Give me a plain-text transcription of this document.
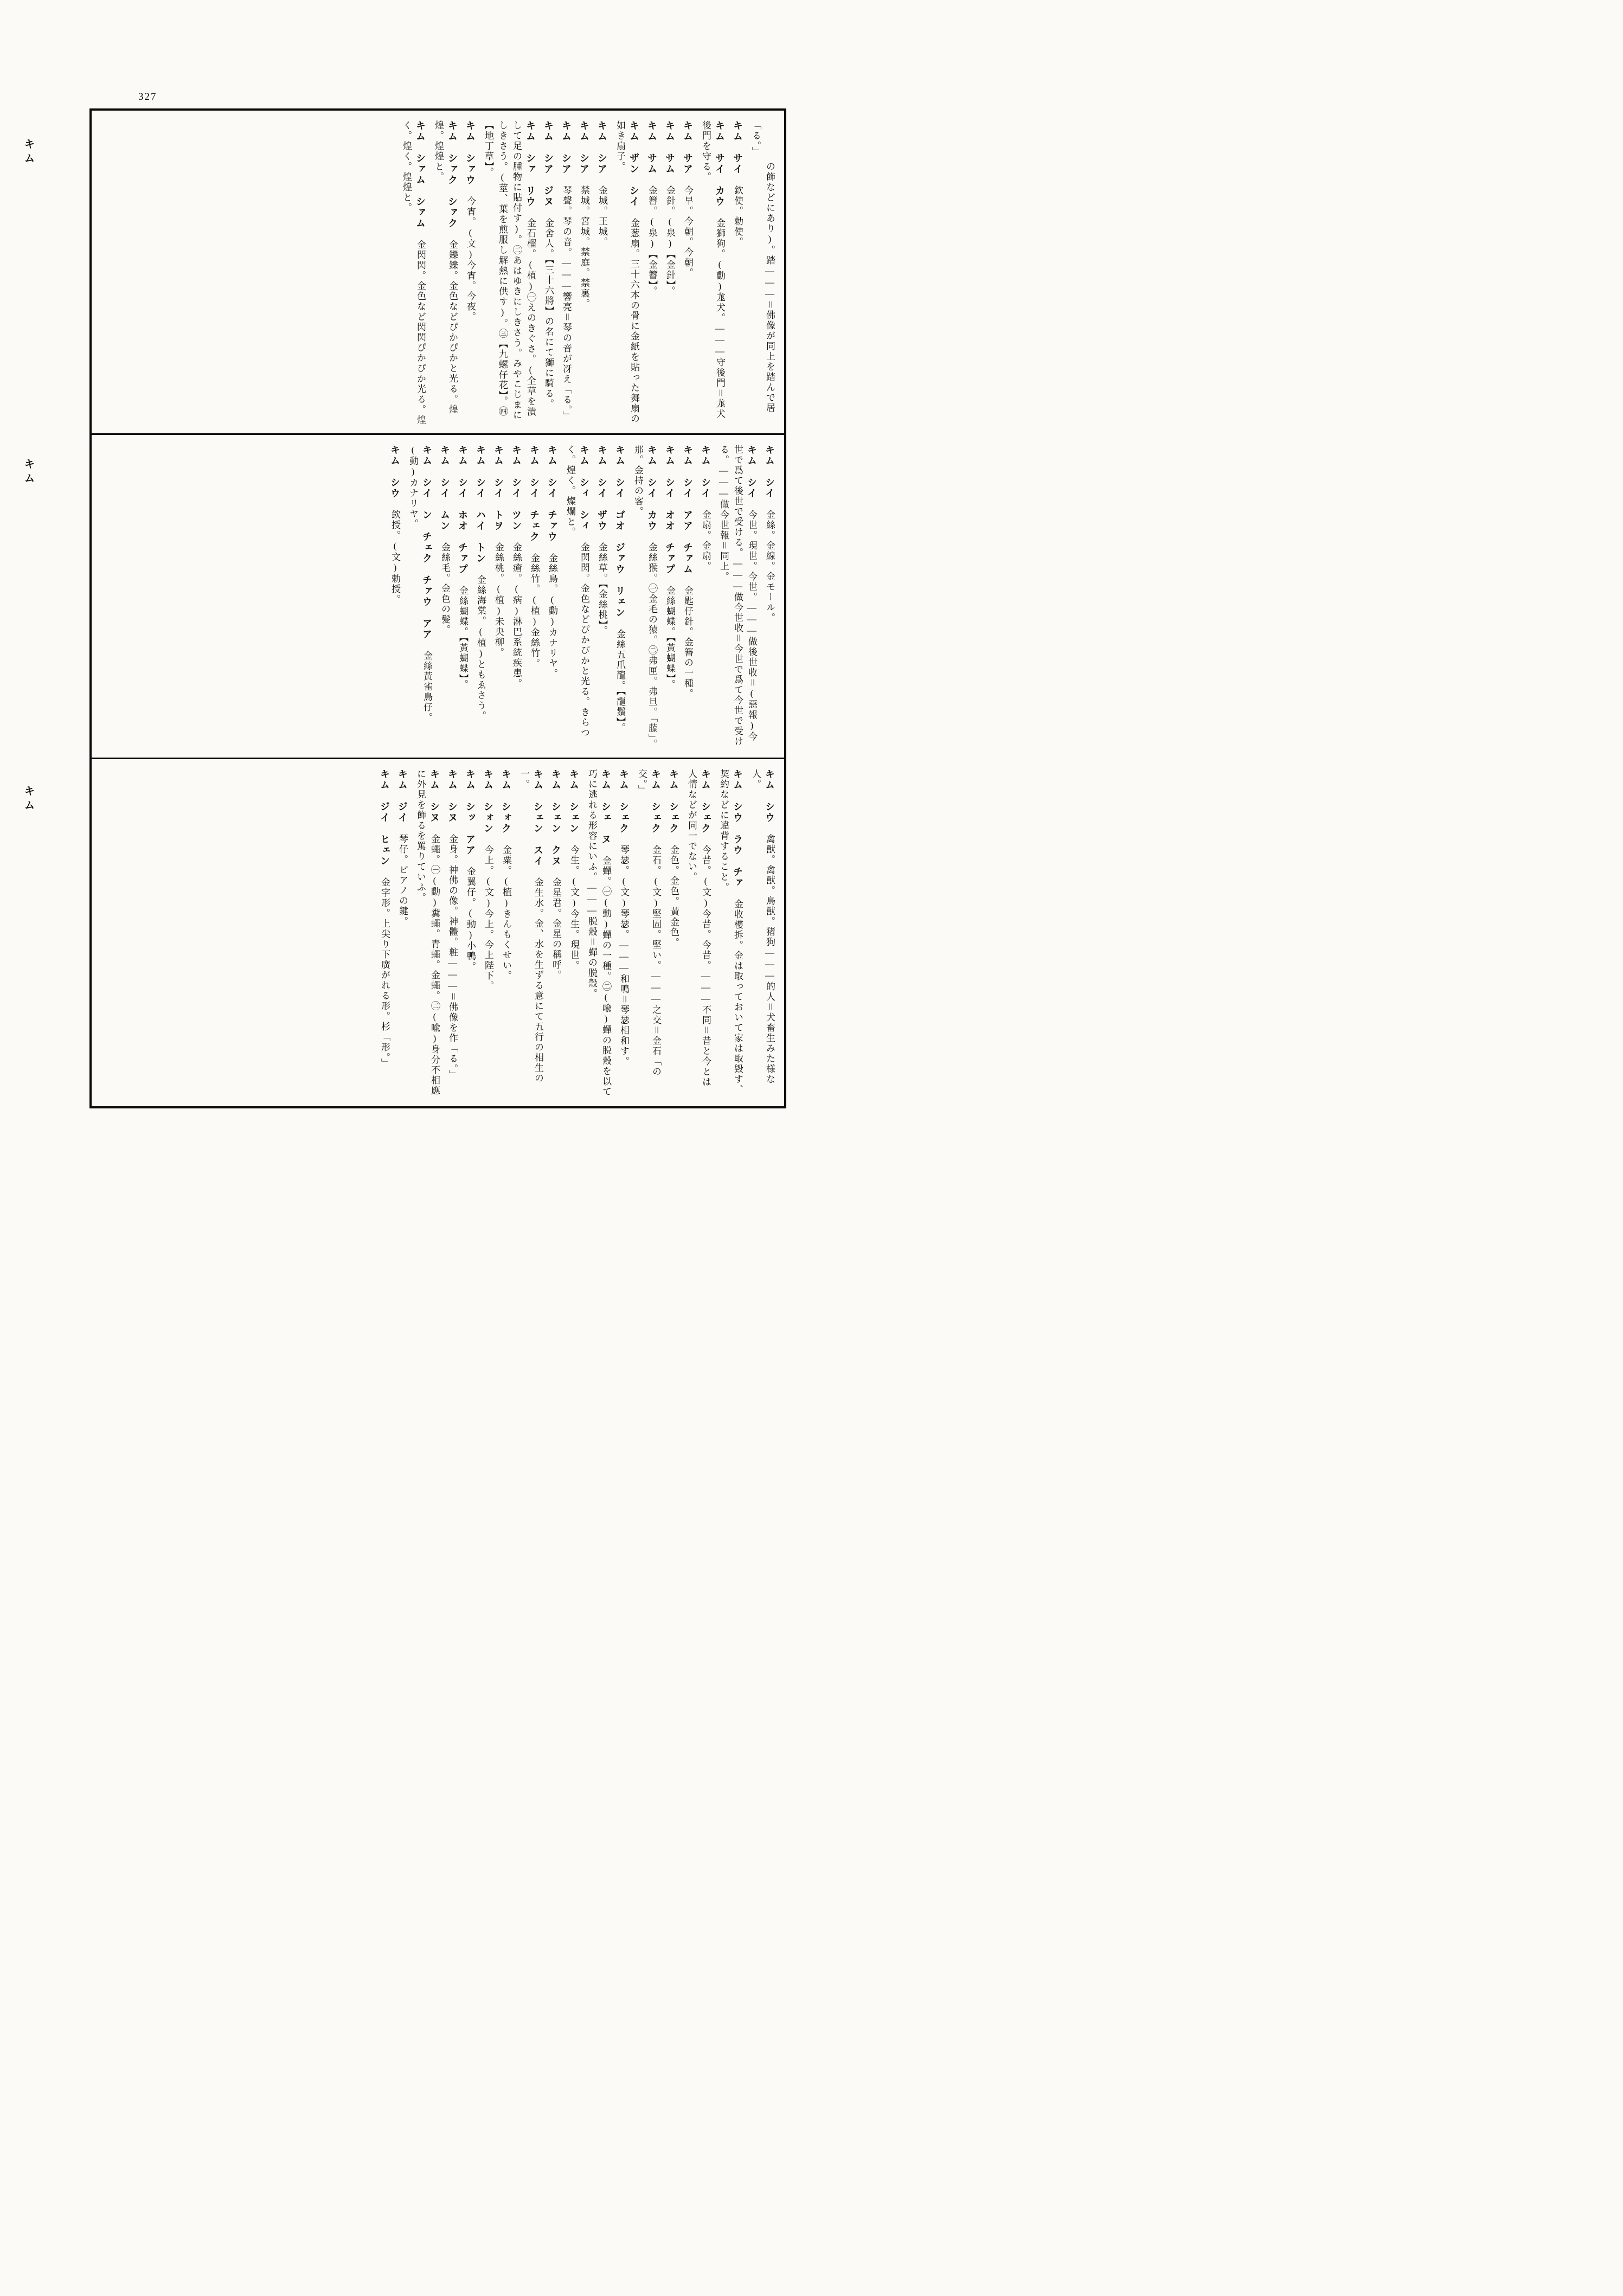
327
キム
キム
キム
　　　　の飾などにあり)。踏———＝佛像が同上を踏んで居「る。」
キム　サイ　欽使。勅使。
キム　サイ　カウ　金獅狗。(動)尨犬。———守後門＝尨犬後門を守る。
キム　サア　今早。今朝。今朝。
キム　サム　金針。(泉)【金針】。
キム　サム　金簪。(泉)【金簪】。
キム　ザン　シイ　金葱扇。三十六本の骨に金紙を貼った舞扇の如き扇子。
キム　シア　金城。王城。
キム　シア　禁城。宮城。禁庭。禁裏。
キム　シア　琴聲。琴の音。———響亮＝琴の音が冴え「る。」
キム　シア　ジヌ　金舍人。【三十六將】の名にて獅に騎る。
キム　シァ　リウ　金石榴。(植)㊀えのきぐさ。(全草を潰して足の腫物に貼付す)。㊁あはゆきにしきさう。みやこじまにしきさう。(莖、葉を煎服し解熱に供す)。㊂【九螺仔花】。㊃【地丁草】。
キム　シァウ　今宵。(文)今宵。今夜。
キム　シァク　シァク　金鑠鑠。金色などぴかぴかと光る。煌煌。煌煌と。
キム　シァム　シァム　金閃閃。金色など閃閃ぴかぴか光る。煌く。煌く。煌煌と。
キム　シイ　金絲。金線。金モール。
キム　シイ　今世。現世。今世。———做後世收＝(惡報)今世で爲て後世で受ける。———做今世收＝今世で爲て今世で受ける。———做今世報＝同上。
キム　シイ　金扇。金扇。
キム　シイ　アア　チァム　金匙仔針。金簪の一種。
キム　シイ　オオ　チァプ　金絲蝴蝶。【黃蝴蝶】。
キム　シイ　カウ　金絲猴。㊀金毛の猿。㊁弗匣。弗旦。「藤」。那。金持の客。
キム　シイ　ゴオ　ジァウ　リェン　金絲五爪龍。【龍鬚】。
キム　シイ　ザウ　金絲草。【金絲桃】。
キム　シィ　シィ　金閃閃。金色などぴかぴかと光る。きらつく。煌く。燦爛と。
キム　シイ　チァウ　金絲鳥。(動)カナリヤ。
キム　シイ　チェク　金絲竹。(植)金絲竹。
キム　シイ　ツン　金絲瘡。(病)淋巴系統疾患。
キム　シイ　トヲ　金絲桃。(植)未央柳。
キム　シイ　ハイ　トン　金絲海棠。(植)ともゑさう。
キム　シイ　ホオ　チァプ　金絲蝴蝶。【黃蝴蝶】。
キム　シイ　ムン　金絲毛。金色の髪。
キム　シイ　ン　チェク　チァウ　アア　金絲黃雀鳥仔。(動)カナリヤ。
キム　シウ　欽授。(文)勅授。
キム　シウ　禽獸。禽獸。鳥獸。猪狗———的人＝犬畜生みた様な人。
キム　シウ　ラウ　チァ　金收樓拆。金は取っておいて家は取毀す、契約などに違背すること。
キム　シェク　今昔。(文)今昔。今昔。———不同＝昔と今とは人情などが同一でない。
キム　シェク　金色。金色。黃金色。
キム　シェク　金石。(文)堅固。堅い。———之交＝金石「の交。」
キム　シェク　琴瑟。(文)琴瑟。———和鳴＝琴瑟相和す。
キム　シェ　ヌ　金蟬。㊀(動)蟬の一種。㊁(喩)蟬の脱殼を以て巧に逃れる形容にいふ。———脱殼＝蟬の脱殼。
キム　シェン　今生。(文)今生。現世。
キム　シェン　クヌ　金星君。金星の稱呼。
キム　シェン　スイ　金生水。金、水を生ずる意にて五行の相生の一。
キム　シォク　金粟。(植)きんもくせい。
キム　シォン　今上。(文)今上。今上陛下。
キム　シッ　アア　金翼仔。(動)小鴨。
キム　シヌ　金身。神佛の像。神體。粧———＝佛像を作「る。」
キム　シヌ　金蠅。㊀(動)糞蠅。青蠅。金蠅。㊁(喩)身分不相應に外見を飾るを罵りていふ。
キム　ジイ　琴仔。ピアノの鍵。
キム　ジイ　ヒェン　金字形。上尖り下廣がれる形。杉「形。」
